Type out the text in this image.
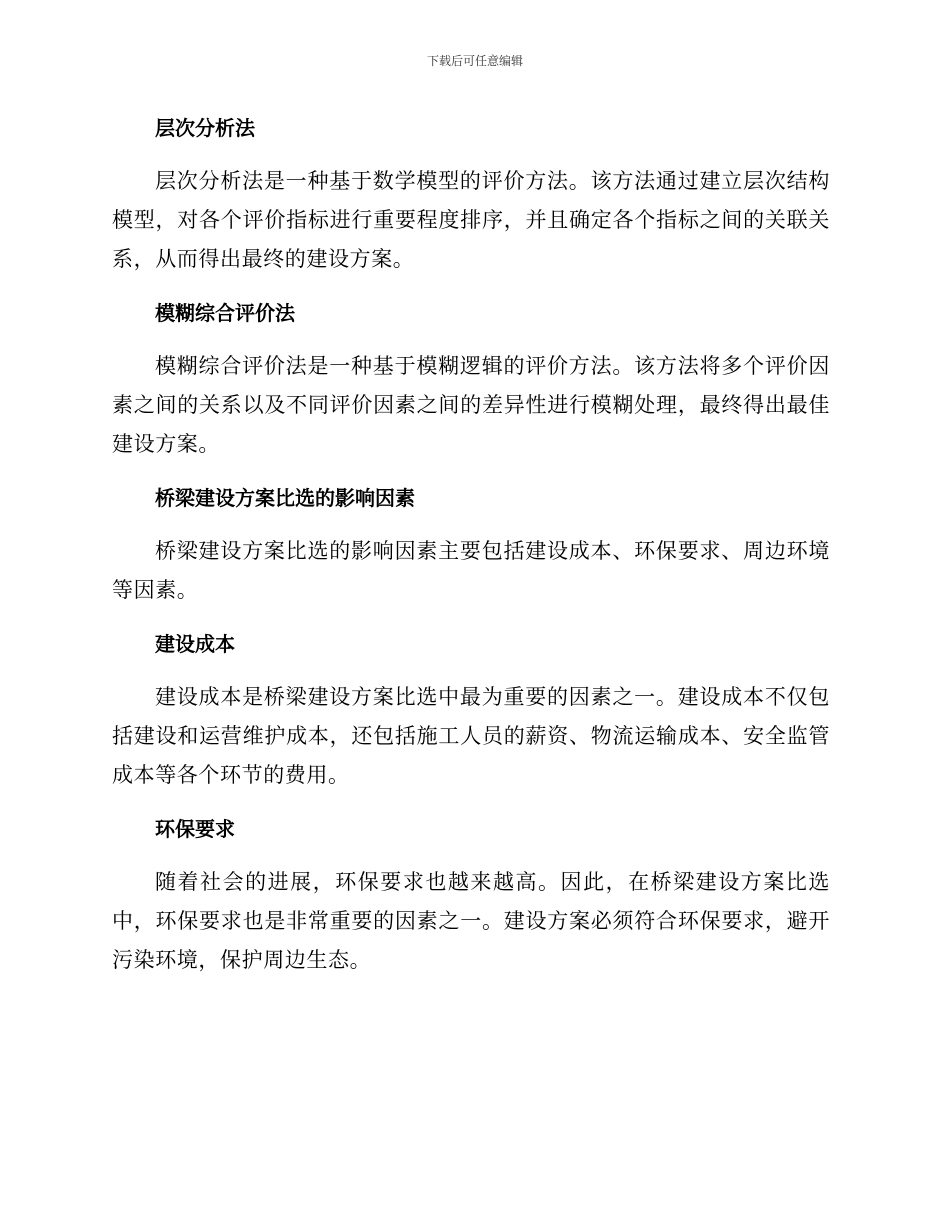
下载后可任意编辑
层次分析法

层次分析法是一种基于数学模型的评价方法。该方法通过建立层次结构模型，对各个评价指标进行重要程度排序，并且确定各个指标之间的关联关系，从而得出最终的建设方案。

模糊综合评价法

模糊综合评价法是一种基于模糊逻辑的评价方法。该方法将多个评价因素之间的关系以及不同评价因素之间的差异性进行模糊处理，最终得出最佳建设方案。

桥梁建设方案比选的影响因素

桥梁建设方案比选的影响因素主要包括建设成本、环保要求、周边环境等因素。

建设成本

建设成本是桥梁建设方案比选中最为重要的因素之一。建设成本不仅包括建设和运营维护成本，还包括施工人员的薪资、物流运输成本、安全监管成本等各个环节的费用。

环保要求

随着社会的进展，环保要求也越来越高。因此，在桥梁建设方案比选中，环保要求也是非常重要的因素之一。建设方案必须符合环保要求，避开污染环境，保护周边生态。
